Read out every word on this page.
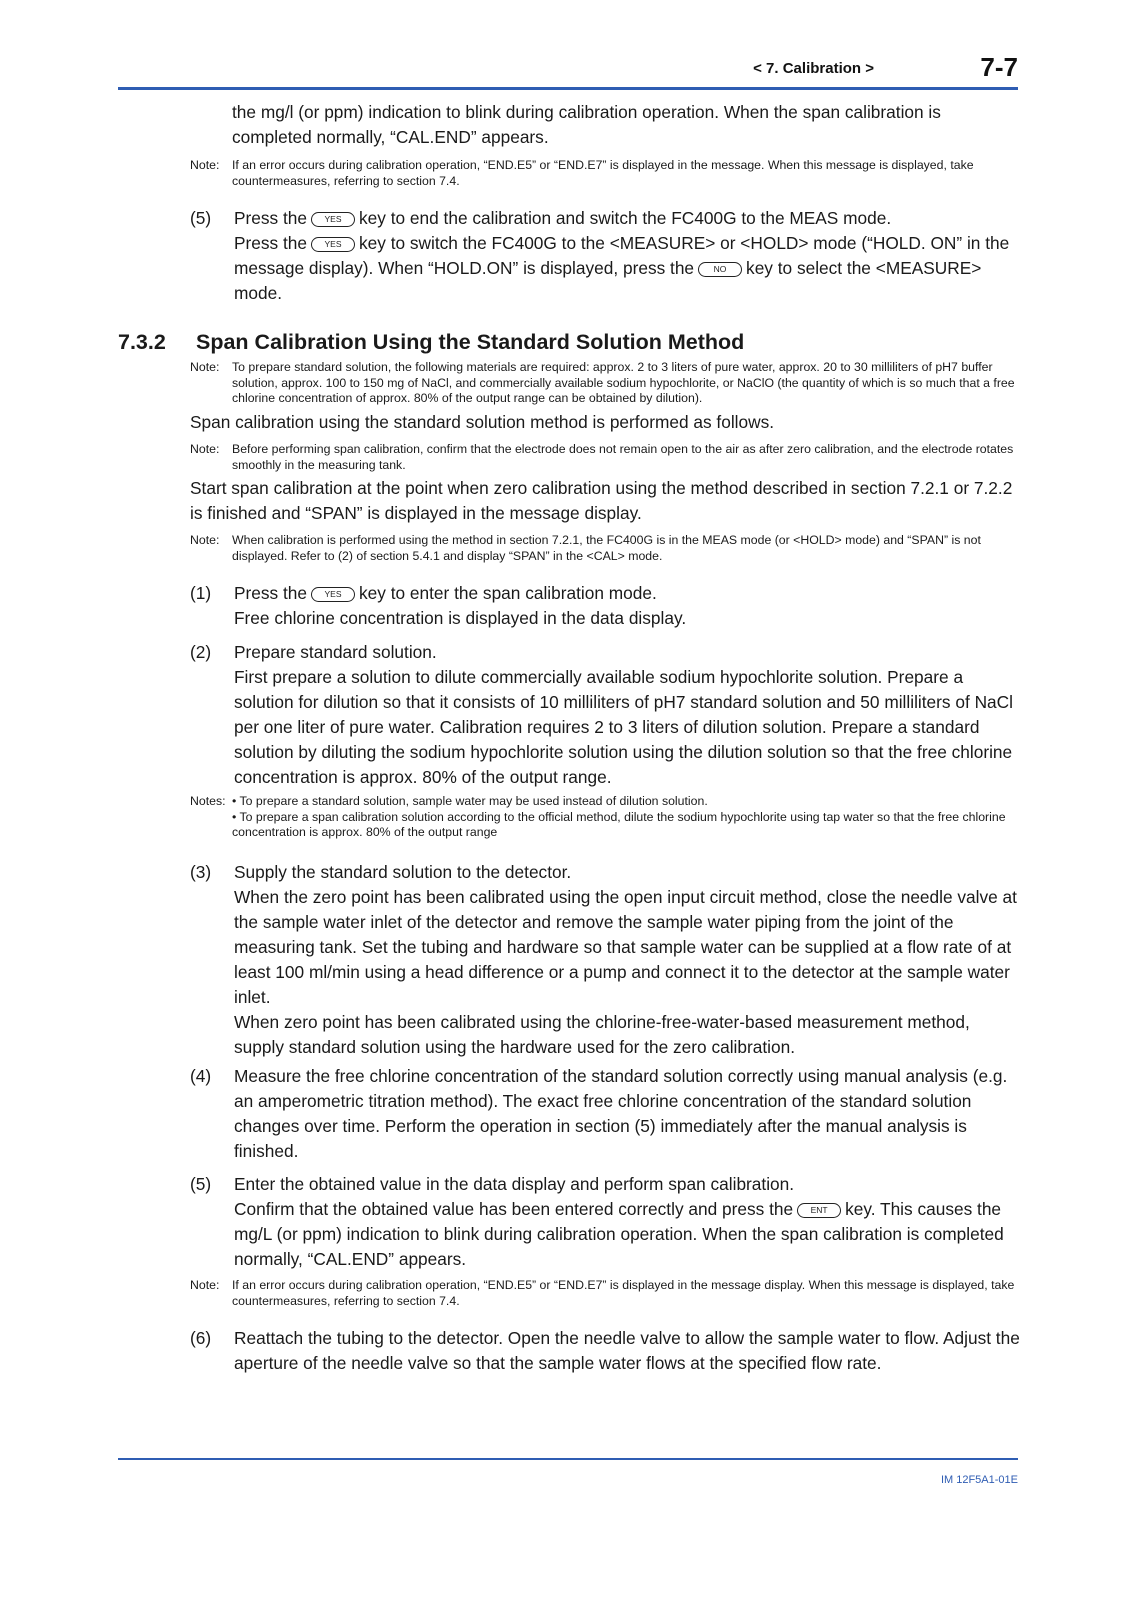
< 7. Calibration >	7-7
the mg/l (or ppm) indication to blink during calibration operation. When the span calibration is completed normally, “CAL.END” appears.
Note: If an error occurs during calibration operation, “END.E5” or “END.E7” is displayed in the message. When this message is displayed, take countermeasures, referring to section 7.4.
(5) Press the YES key to end the calibration and switch the FC400G to the MEAS mode.
Press the YES key to switch the FC400G to the <MEASURE> or <HOLD> mode (“HOLD. ON” in the message display). When “HOLD.ON” is displayed, press the NO key to select the <MEASURE> mode.
7.3.2 Span Calibration Using the Standard Solution Method
Note: To prepare standard solution, the following materials are required: approx. 2 to 3 liters of pure water, approx. 20 to 30 milliliters of pH7 buffer solution, approx. 100 to 150 mg of NaCl, and commercially available sodium hypochlorite, or NaClO (the quantity of which is so much that a free chlorine concentration of approx. 80% of the output range can be obtained by dilution).
Span calibration using the standard solution method is performed as follows.
Note: Before performing span calibration, confirm that the electrode does not remain open to the air as after zero calibration, and the electrode rotates smoothly in the measuring tank.
Start span calibration at the point when zero calibration using the method described in section 7.2.1 or 7.2.2 is finished and “SPAN” is displayed in the message display.
Note: When calibration is performed using the method in section 7.2.1, the FC400G is in the MEAS mode (or <HOLD> mode) and “SPAN” is not displayed. Refer to (2) of section 5.4.1 and display “SPAN” in the <CAL> mode.
(1) Press the YES key to enter the span calibration mode.
Free chlorine concentration is displayed in the data display.
(2) Prepare standard solution.
First prepare a solution to dilute commercially available sodium hypochlorite solution. Prepare a solution for dilution so that it consists of 10 milliliters of pH7 standard solution and 50 milliliters of NaCl per one liter of pure water. Calibration requires 2 to 3 liters of dilution solution. Prepare a standard solution by diluting the sodium hypochlorite solution using the dilution solution so that the free chlorine concentration is approx. 80% of the output range.
Notes: • To prepare a standard solution, sample water may be used instead of dilution solution.
• To prepare a span calibration solution according to the official method, dilute the sodium hypochlorite using tap water so that the free chlorine concentration is approx. 80% of the output range
(3) Supply the standard solution to the detector.
When the zero point has been calibrated using the open input circuit method, close the needle valve at the sample water inlet of the detector and remove the sample water piping from the joint of the measuring tank. Set the tubing and hardware so that sample water can be supplied at a flow rate of at least 100 ml/min using a head difference or a pump and connect it to the detector at the sample water inlet.
When zero point has been calibrated using the chlorine-free-water-based measurement method, supply standard solution using the hardware used for the zero calibration.
(4) Measure the free chlorine concentration of the standard solution correctly using manual analysis (e.g. an amperometric titration method). The exact free chlorine concentration of the standard solution changes over time. Perform the operation in section (5) immediately after the manual analysis is finished.
(5) Enter the obtained value in the data display and perform span calibration.
Confirm that the obtained value has been entered correctly and press the ENT key. This causes the mg/L (or ppm) indication to blink during calibration operation. When the span calibration is completed normally, “CAL.END” appears.
Note: If an error occurs during calibration operation, “END.E5” or “END.E7” is displayed in the message display. When this message is displayed, take countermeasures, referring to section 7.4.
(6) Reattach the tubing to the detector. Open the needle valve to allow the sample water to flow. Adjust the aperture of the needle valve so that the sample water flows at the specified flow rate.
IM 12F5A1-01E
